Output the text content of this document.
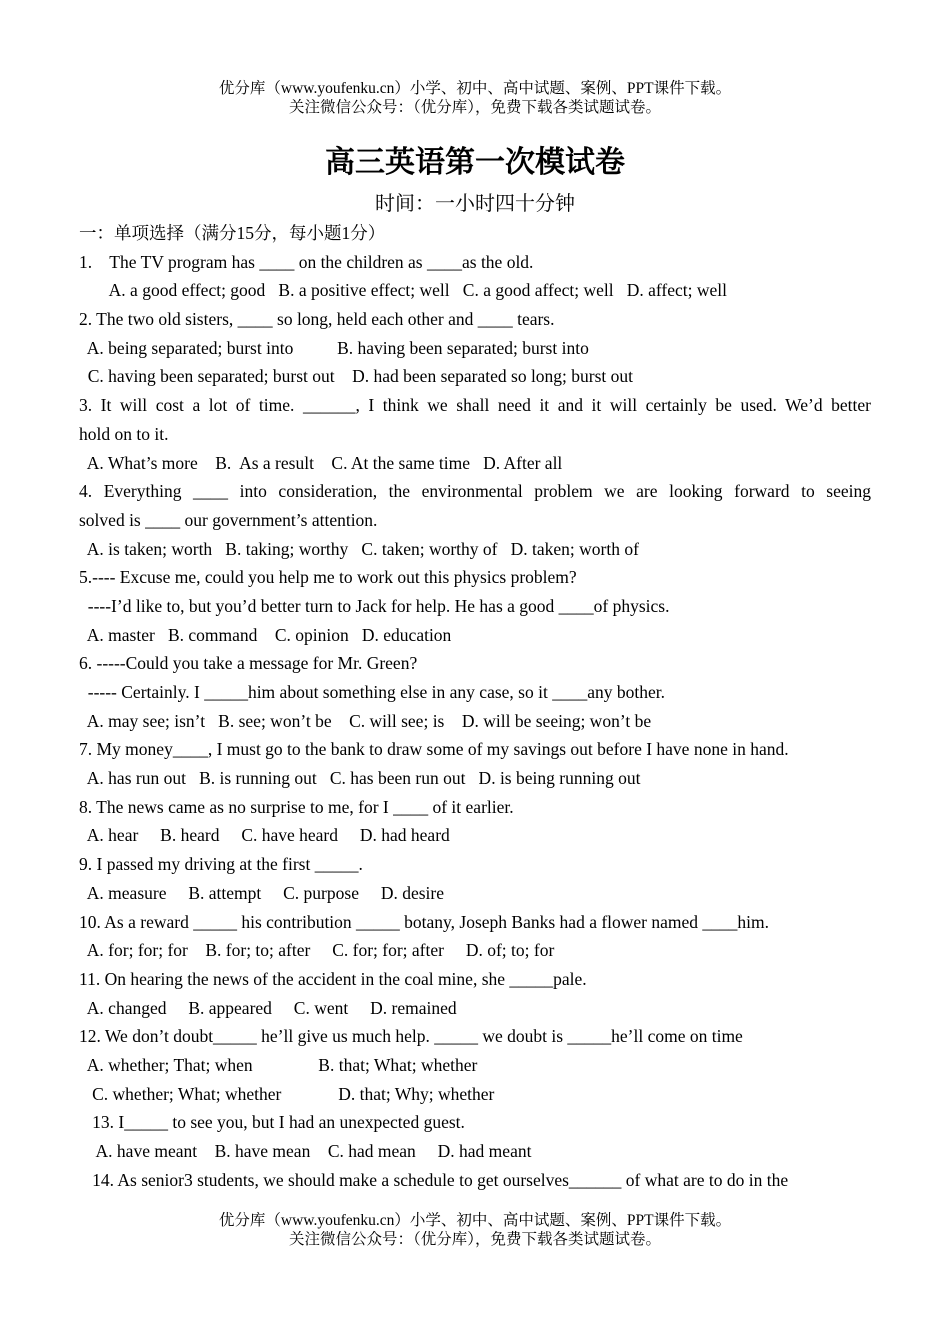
优分库（www.youfenku.cn）小学、初中、高中试题、案例、PPT课件下载。
关注微信公众号：（优分库），免费下载各类试题试卷。
高三英语第一次模试卷
时间：一小时四十分钟
一：单项选择（满分15分，每小题1分）
1.    The TV program has ____ on the children as ____as the old.
A. a good effect; good   B. a positive effect; well   C. a good affect; well   D. affect; well
2. The two old sisters, ____ so long, held each other and ____ tears.
A. being separated; burst into          B. having been separated; burst into
C. having been separated; burst out    D. had been separated so long; burst out
3. It will cost a lot of time. ______, I think we shall need it and it will certainly be used. We’d better
hold on to it.
A. What’s more    B.  As a result    C. At the same time   D. After all
4. Everything ____ into consideration, the environmental problem we are looking forward to seeing
solved is ____ our government’s attention.
A. is taken; worth   B. taking; worthy   C. taken; worthy of   D. taken; worth of
5.---- Excuse me, could you help me to work out this physics problem?
----I’d like to, but you’d better turn to Jack for help. He has a good ____of physics.
A. master   B. command    C. opinion   D. education
6. -----Could you take a message for Mr. Green?
----- Certainly. I _____him about something else in any case, so it ____any bother.
A. may see; isn’t   B. see; won’t be    C. will see; is    D. will be seeing; won’t be
7. My money____, I must go to the bank to draw some of my savings out before I have none in hand.
A. has run out   B. is running out   C. has been run out   D. is being running out
8. The news came as no surprise to me, for I ____ of it earlier.
A. hear     B. heard     C. have heard     D. had heard
9. I passed my driving at the first _____.
A. measure     B. attempt     C. purpose     D. desire
10. As a reward _____ his contribution _____ botany, Joseph Banks had a flower named ____him.
A. for; for; for    B. for; to; after     C. for; for; after     D. of; to; for
11. On hearing the news of the accident in the coal mine, she _____pale.
A. changed     B. appeared     C. went     D. remained
12. We don’t doubt_____ he’ll give us much help. _____ we doubt is _____he’ll come on time
A. whether; That; when               B. that; What; whether
C. whether; What; whether             D. that; Why; whether
13. I_____ to see you, but I had an unexpected guest.
A. have meant    B. have mean    C. had mean     D. had meant
14. As senior3 students, we should make a schedule to get ourselves______ of what are to do in the
优分库（www.youfenku.cn）小学、初中、高中试题、案例、PPT课件下载。
关注微信公众号：（优分库），免费下载各类试题试卷。
